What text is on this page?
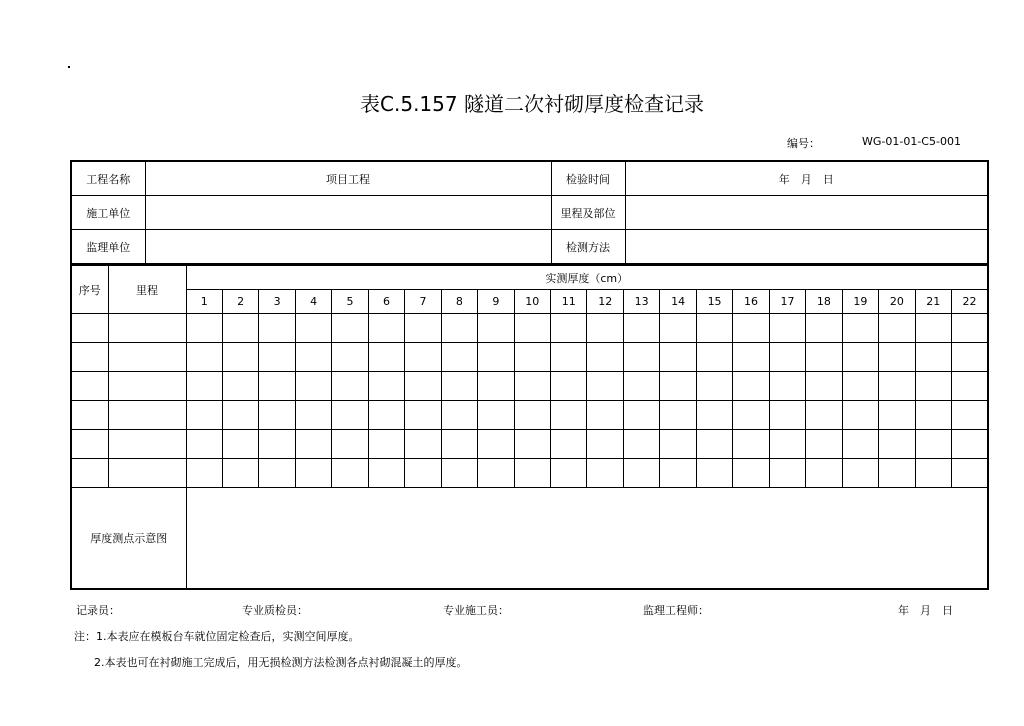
表C.5.157 隧道二次衬砌厚度检查记录
编号：	WG-01-01-C5-001
工程名称	项目工程	检验时间	年　月　日
施工单位		里程及部位	
监理单位		检测方法	
序号	里程	实测厚度（cm）																					
		1	2	3	4	5	6	7	8	9	10	11	12	13	14	15	16	17	18	19	20	21	22

厚度测点示意图																							
记录员：	专业质检员：	专业施工员：	监理工程师：	年　月　日
注：1.本表应在模板台车就位固定检查后，实测空间厚度。
2.本表也可在衬砌施工完成后，用无损检测方法检测各点衬砌混凝土的厚度。
